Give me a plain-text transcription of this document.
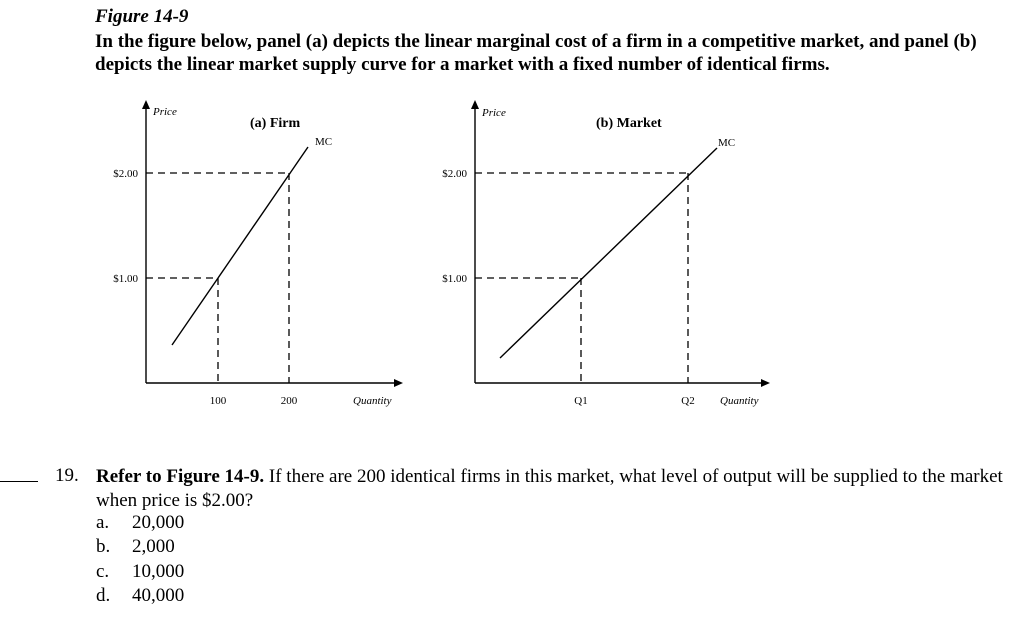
Figure 14-9
In the figure below, panel (a) depicts the linear marginal cost of a firm in a competitive market, and panel (b) depicts the linear market supply curve for a market with a fixed number of identical firms.
Price
(a) Firm
MC
$2.00
$1.00
100	200	Quantity
Price
(b) Market
MC
$2.00
$1.00
Q1	Q2 Quantity
19. Refer to Figure 14-9. If there are 200 identical firms in this market, what level of output will be supplied to the market when price is $2.00?
a. 20,000
b. 2,000
c. 10,000
d. 40,000
